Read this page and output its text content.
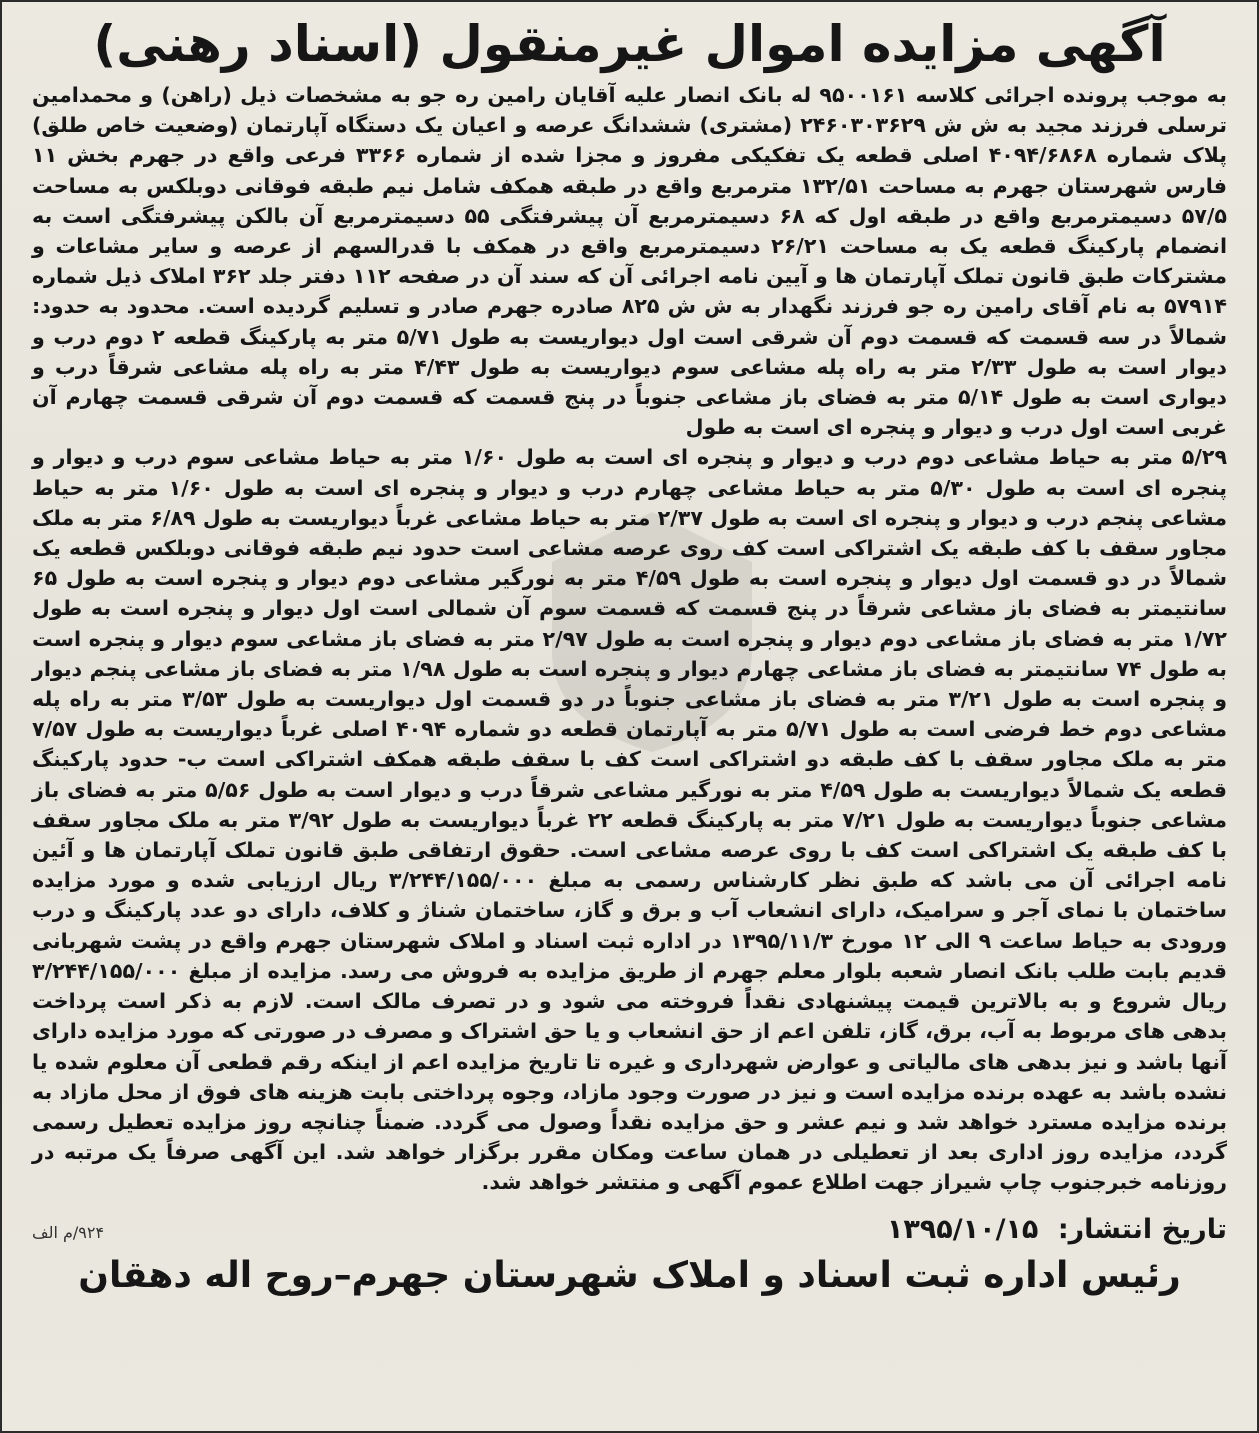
آگهی مزایده اموال غیرمنقول (اسناد رهنی)

به موجب پرونده اجرائی کلاسه ۹۵۰۰۱۶۱ له بانک انصار علیه آقایان رامین ره جو به مشخصات ذیل (راهن) و محمدامین ترسلی فرزند مجید به ش ش ۲۴۶۰۳۰۳۶۲۹ (مشتری) ششدانگ عرصه و اعیان یک دستگاه آپارتمان (وضعیت خاص طلق) پلاک شماره ۴۰۹۴/۶۸۶۸ اصلی قطعه یک تفکیکی مفروز و مجزا شده از شماره ۳۳۶۶ فرعی واقع در جهرم بخش ۱۱ فارس شهرستان جهرم به مساحت ۱۳۲/۵۱ مترمربع واقع در طبقه همکف شامل نیم طبقه فوقانی دوبلکس به مساحت ۵۷/۵ دسیمترمربع واقع در طبقه اول که ۶۸ دسیمترمربع آن پیشرفتگی ۵۵ دسیمترمربع آن بالکن پیشرفتگی است به انضمام پارکینگ قطعه یک به مساحت ۲۶/۲۱ دسیمترمربع واقع در همکف با قدرالسهم از عرصه و سایر مشاعات و مشترکات طبق قانون تملک آپارتمان ها و آیین نامه اجرائی آن که سند آن در صفحه ۱۱۲ دفتر جلد ۳۶۲ املاک ذیل شماره ۵۷۹۱۴ به نام آقای رامین ره جو فرزند نگهدار به ش ش ۸۲۵ صادره جهرم صادر و تسلیم گردیده است. محدود به حدود: شمالاً در سه قسمت که قسمت دوم آن شرقی است اول دیواریست به طول ۵/۷۱ متر به پارکینگ قطعه ۲ دوم درب و دیوار است به طول ۲/۳۳ متر به راه پله مشاعی سوم دیواریست به طول ۴/۴۳ متر به راه پله مشاعی شرقاً درب و دیواری است به طول ۵/۱۴ متر به فضای باز مشاعی جنوباً در پنج قسمت که قسمت دوم آن شرقی قسمت چهارم آن غربی است اول درب و دیوار و پنجره ای است به طول

۵/۲۹ متر به حیاط مشاعی دوم درب و دیوار و پنجره ای است به طول ۱/۶۰ متر به حیاط مشاعی سوم درب و دیوار و پنجره ای است به طول ۵/۳۰ متر به حیاط مشاعی چهارم درب و دیوار و پنجره ای است به طول ۱/۶۰ متر به حیاط مشاعی پنجم درب و دیوار و پنجره ای است به طول ۲/۳۷ متر به حیاط مشاعی غرباً دیواریست به طول ۶/۸۹ متر به ملک مجاور سقف با کف طبقه یک اشتراکی است کف روی عرصه مشاعی است حدود نیم طبقه فوقانی دوبلکس قطعه یک شمالاً در دو قسمت اول دیوار و پنجره است به طول ۴/۵۹ متر به نورگیر مشاعی دوم دیوار و پنجره است به طول ۶۵ سانتیمتر به فضای باز مشاعی شرقاً در پنج قسمت که قسمت سوم آن شمالی است اول دیوار و پنجره است به طول ۱/۷۲ متر به فضای باز مشاعی دوم دیوار و پنجره است به طول ۲/۹۷ متر به فضای باز مشاعی سوم دیوار و پنجره است به طول ۷۴ سانتیمتر به فضای باز مشاعی چهارم دیوار و پنجره است به طول ۱/۹۸ متر به فضای باز مشاعی پنجم دیوار و پنجره است به طول ۳/۲۱ متر به فضای باز مشاعی جنوباً در دو قسمت اول دیواریست به طول ۳/۵۳ متر به راه پله مشاعی دوم خط فرضی است به طول ۵/۷۱ متر به آپارتمان قطعه دو شماره ۴۰۹۴ اصلی غرباً دیواریست به طول ۷/۵۷ متر به ملک مجاور سقف با کف طبقه دو اشتراکی است کف با سقف طبقه همکف اشتراکی است ب- حدود پارکینگ قطعه یک شمالاً دیواریست به طول ۴/۵۹ متر به نورگیر مشاعی شرقاً درب و دیوار است به طول ۵/۵۶ متر به فضای باز مشاعی جنوباً دیواریست به طول ۷/۲۱ متر به پارکینگ قطعه ۲۲ غرباً دیواریست به طول ۳/۹۲ متر به ملک مجاور سقف با کف طبقه یک اشتراکی است کف با روی عرصه مشاعی است. حقوق ارتفاقی طبق قانون تملک آپارتمان ها و آئین نامه اجرائی آن می باشد که طبق نظر کارشناس رسمی به مبلغ ۳/۲۴۴/۱۵۵/۰۰۰ ریال ارزیابی شده و مورد مزایده ساختمان با نمای آجر و سرامیک، دارای انشعاب آب و برق و گاز، ساختمان شناژ و کلاف، دارای دو عدد پارکینگ و درب ورودی به حیاط ساعت ۹ الی ۱۲ مورخ ۱۳۹۵/۱۱/۳ در اداره ثبت اسناد و املاک شهرستان جهرم واقع در پشت شهربانی قدیم بابت طلب بانک انصار شعبه بلوار معلم جهرم از طریق مزایده به فروش می رسد. مزایده از مبلغ ۳/۲۴۴/۱۵۵/۰۰۰ ریال شروع و به بالاترین قیمت پیشنهادی نقداً فروخته می شود و در تصرف مالک است. لازم به ذکر است پرداخت بدهی های مربوط به آب، برق، گاز، تلفن اعم از حق انشعاب و یا حق اشتراک و مصرف در صورتی که مورد مزایده دارای آنها باشد و نیز بدهی های مالیاتی و عوارض شهرداری و غیره تا تاریخ مزایده اعم از اینکه رقم قطعی آن معلوم شده یا نشده باشد به عهده برنده مزایده است و نیز در صورت وجود مازاد، وجوه پرداختی بابت هزینه های فوق از محل مازاد به برنده مزایده مسترد خواهد شد و نیم عشر و حق مزایده نقداً وصول می گردد. ضمناً چنانچه روز مزایده تعطیل رسمی گردد، مزایده روز اداری بعد از تعطیلی در همان ساعت ومکان مقرر برگزار خواهد شد. این آگهی صرفاً یک مرتبه در روزنامه خبرجنوب چاپ شیراز جهت اطلاع عموم آگهی و منتشر خواهد شد.

تاریخ انتشار: ۱۳۹۵/۱۰/۱۵
۹۲۴/م الف
رئیس اداره ثبت اسناد و املاک شهرستان جهرم–روح اله دهقان
